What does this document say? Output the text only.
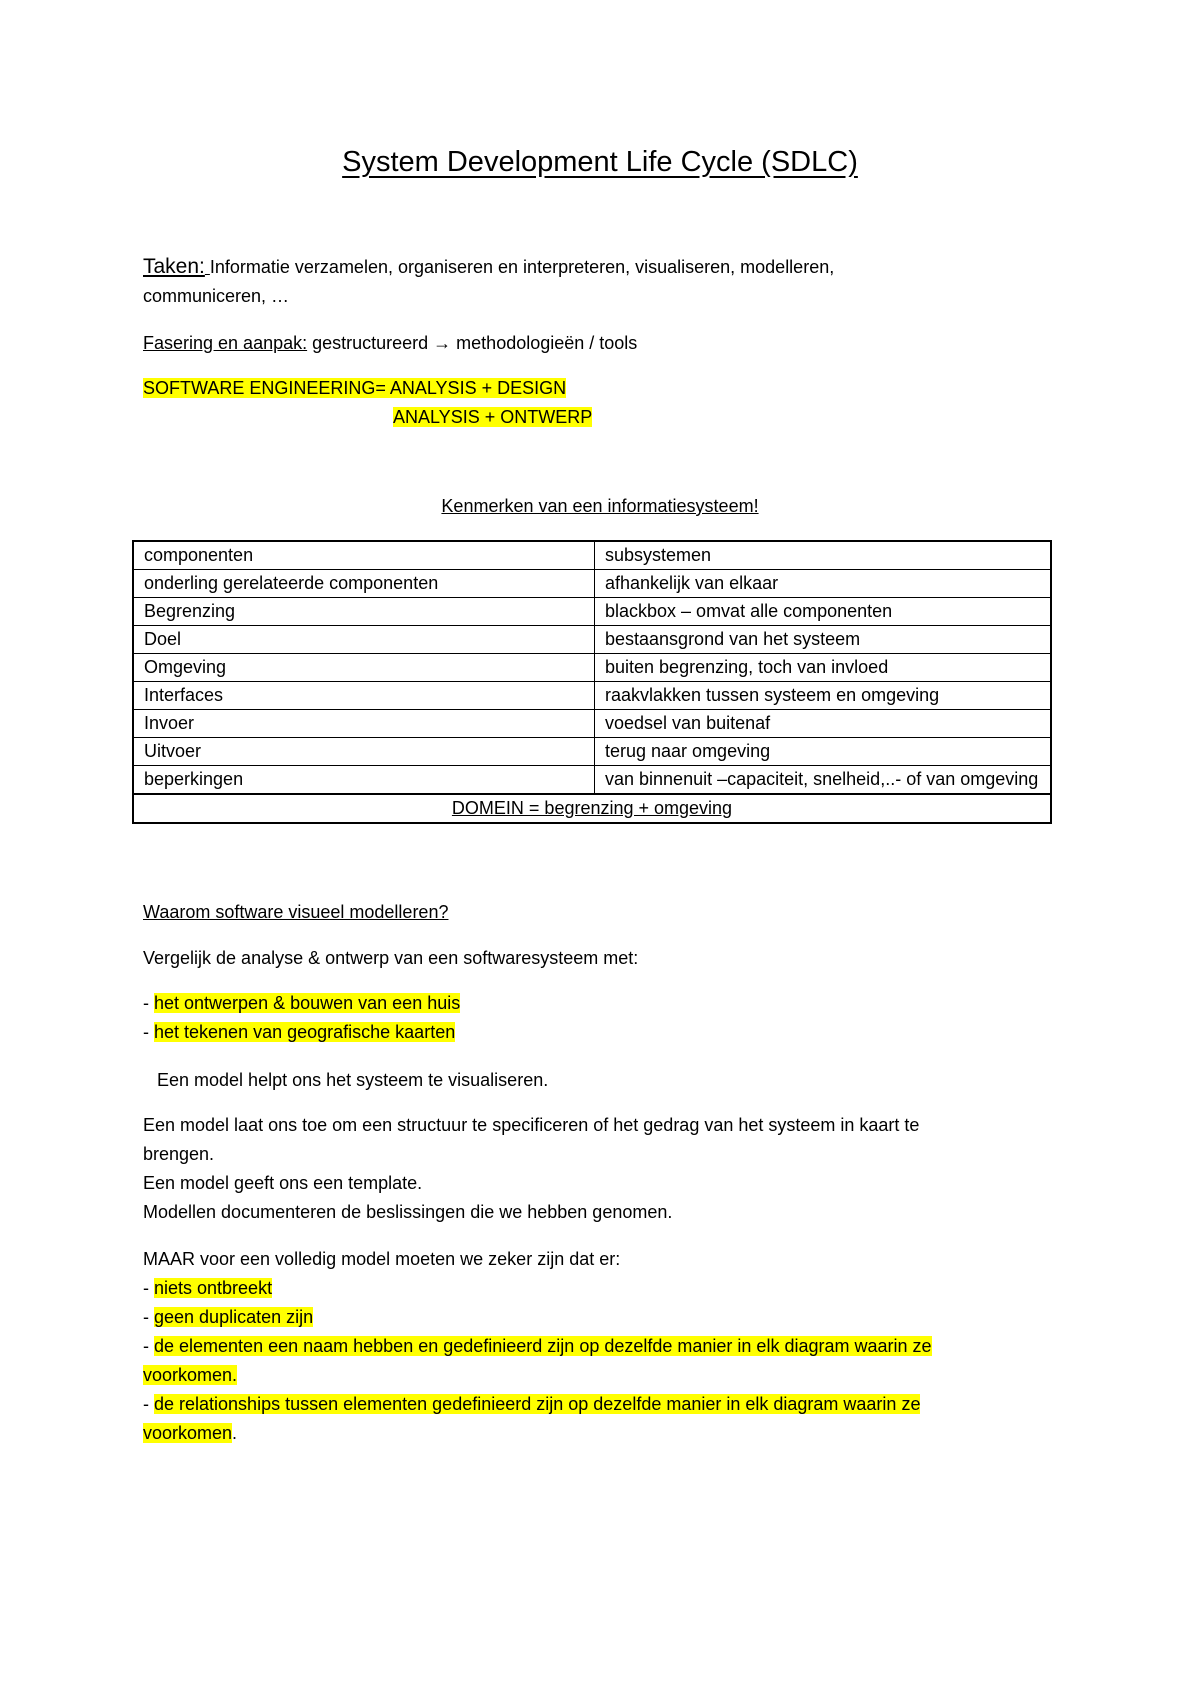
System Development Life Cycle (SDLC)
Taken: Informatie verzamelen, organiseren en interpreteren, visualiseren, modelleren,
communiceren, …
Fasering en aanpak: gestructureerd → methodologieën / tools
SOFTWARE ENGINEERING= ANALYSIS + DESIGN
ANALYSIS + ONTWERP
Kenmerken van een informatiesysteem!
componenten	subsystemen
onderling gerelateerde componenten	afhankelijk van elkaar
Begrenzing	blackbox – omvat alle componenten
Doel	bestaansgrond van het systeem
Omgeving	buiten begrenzing, toch van invloed
Interfaces	raakvlakken tussen systeem en omgeving
Invoer	voedsel van buitenaf
Uitvoer	terug naar omgeving
beperkingen	van binnenuit –capaciteit, snelheid,..- of van omgeving
DOMEIN = begrenzing + omgeving	
Waarom software visueel modelleren?
Vergelijk de analyse & ontwerp van een softwaresysteem met:
- het ontwerpen & bouwen van een huis
- het tekenen van geografische kaarten
Een model helpt ons het systeem te visualiseren.
Een model laat ons toe om een structuur te specificeren of het gedrag van het systeem in kaart te
brengen.
Een model geeft ons een template.
Modellen documenteren de beslissingen die we hebben genomen.
MAAR voor een volledig model moeten we zeker zijn dat er:
- niets ontbreekt
- geen duplicaten zijn
- de elementen een naam hebben en gedefinieerd zijn op dezelfde manier in elk diagram waarin ze
voorkomen.
- de relationships tussen elementen gedefinieerd zijn op dezelfde manier in elk diagram waarin ze
voorkomen.
